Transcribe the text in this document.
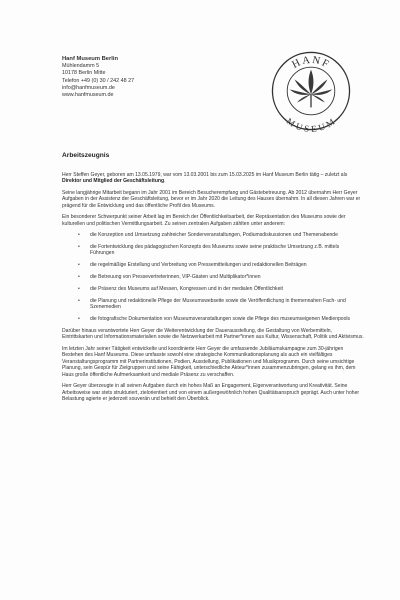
Hanf Museum Berlin
Mühlendamm 5
10178 Berlin Mitte
Telefon +49 (0) 30 / 242 48 27
info@hanfmuseum.de
www.hanfmuseum.de
HANF
MUSEUM
Arbeitszeugnis

Herr Steffen Geyer, geboren am 13.05.1979, war vom 13.03.2001 bis zum 15.03.2025 im Hanf Museum Berlin tätig – zuletzt als Direktor und Mitglied der Geschäftsleitung.

Seine langjährige Mitarbeit begann im Jahr 2001 im Bereich Besucherempfang und Gästebetreuung. Ab 2012 übernahm Herr Geyer Aufgaben in der Assistenz der Geschäftsleitung, bevor er im Jahr 2020 die Leitung des Hauses übernahm. In all diesen Jahren war er prägend für die Entwicklung und das öffentliche Profil des Museums.

Ein besonderer Schwerpunkt seiner Arbeit lag im Bereich der Öffentlichkeitsarbeit, der Repräsentation des Museums sowie der kulturellen und politischen Vermittlungsarbeit. Zu seinen zentralen Aufgaben zählten unter anderem:

• die Konzeption und Umsetzung zahlreicher Sonderveranstaltungen, Podiumsdiskussionen und Themenabende
• die Fortentwicklung des pädagogischen Konzepts des Museums sowie seine praktische Umsetzung z.B. mittels Führungen
• die regelmäßige Erstellung und Verbreitung von Pressemitteilungen und redaktionellen Beiträgen
• die Betreuung von Pressevertreterinnen, VIP-Gästen und Multiplikator*innen
• die Präsenz des Museums auf Messen, Kongressen und in der medialen Öffentlichkeit
• die Planung und redaktionelle Pflege der Museumswebseite sowie die Veröffentlichung in themennahen Fach- und Szenemedien
• die fotografische Dokumentation von Museumsveranstaltungen sowie die Pflege des museumseigenen Medienpools

Darüber hinaus verantwortete Herr Geyer die Weiterentwicklung der Dauerausstellung, die Gestaltung von Werbemitteln, Eintrittskarten und Informationsmaterialien sowie die Netzwerkarbeit mit Partner*innen aus Kultur, Wissenschaft, Politik und Aktivismus.

Im letzten Jahr seiner Tätigkeit entwickelte und koordinierte Herr Geyer die umfassende Jubiläumskampagne zum 30-jährigen Bestehen des Hanf Museums. Diese umfasste sowohl eine strategische Kommunikationsplanung als auch ein vielfältiges Veranstaltungsprogramm mit Partnerinstitutionen, Podien, Ausstellung, Publikationen und Musikprogramm. Durch seine umsichtige Planung, sein Gespür für Zielgruppen und seine Fähigkeit, unterschiedliche Akteur*innen zusammenzubringen, gelang es ihm, dem Haus große öffentliche Aufmerksamkeit und mediale Präsenz zu verschaffen.

Herr Geyer überzeugte in all seinen Aufgaben durch ein hohes Maß an Engagement, Eigenverantwortung und Kreativität. Seine Arbeitsweise war stets strukturiert, zielorientiert und von einem außergewöhnlich hohen Qualitätsanspruch geprägt. Auch unter hoher Belastung agierte er jederzeit souverän und behielt den Überblick.
